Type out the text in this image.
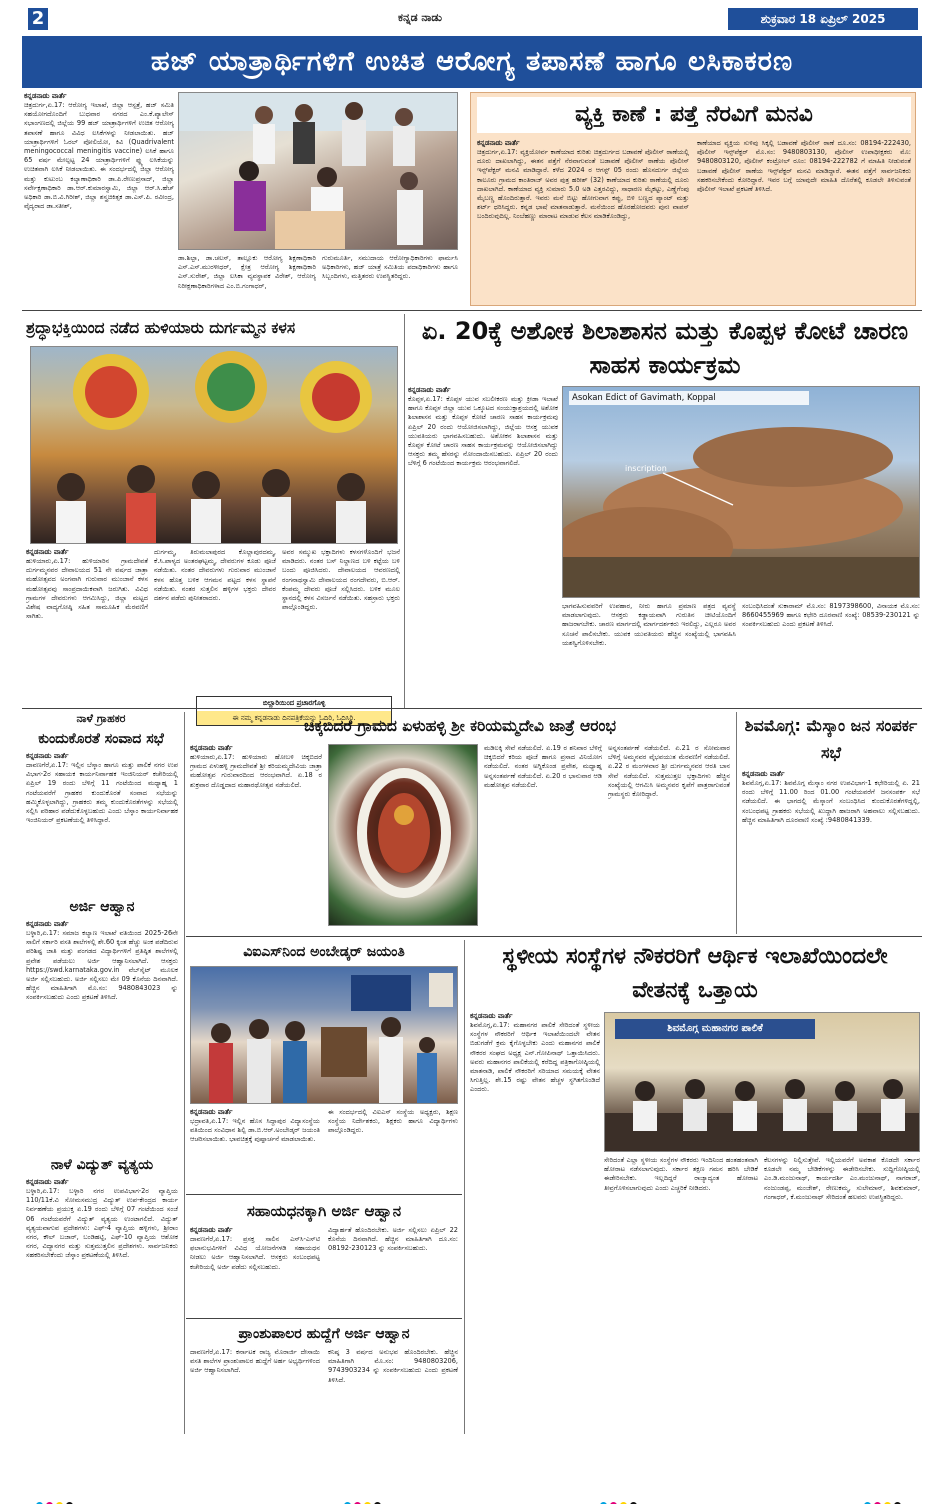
2	ಕನ್ನಡ ನಾಡು	ಶುಕ್ರವಾರ 18 ಏಪ್ರಿಲ್ 2025
ಹಜ್ ಯಾತ್ರಾರ್ಥಿಗಳಿಗೆ ಉಚಿತ ಆರೋಗ್ಯ ತಪಾಸಣೆ ಹಾಗೂ ಲಸಿಕಾಕರಣ
ಕನ್ನಡನಾಡು ವಾರ್ತೆ
ಚಿತ್ರದುರ್ಗ,ಏ.17: ಆರೋಗ್ಯ ಇಲಾಖೆ, ಜಿಲ್ಲಾ ಆಸ್ಪತ್ರೆ, ಹಜ್ ಸಮಿತಿ ಸಹಯೋಗದೊಂದಿಗೆ ಬುಧವಾರ ನಗರದ ಎಂ.ಕೆ.ಪ್ಯಾಲೇಸ್ ಸಭಾಂಗಣದಲ್ಲಿ ಜಿಲ್ಲೆಯ 99 ಹಜ್ ಯಾತ್ರಾರ್ಥಿಗಳಿಗೆ ಉಚಿತ ಆರೋಗ್ಯ ತಪಾಸಣೆ ಹಾಗೂ ವಿವಿಧ ಲಸಿಕೆಗಳನ್ನು ನೀಡಲಾಯಿತು. ಹಜ್ ಯಾತ್ರಾರ್ಥಿಗಳಿಗೆ ಓರಲ್ ಪೋಲಿಯೋ, ಕಿವಿ (Quadrivalent meningococcal meningitis vaccine) ಲಸಿಕೆ ಹಾಗೂ 65 ವರ್ಷ ಮೇಲ್ಪಟ್ಟ 24 ಯಾತ್ರಾರ್ಥಿಗಳಿಗೆ ಫ್ಲ್ಯು ಲಸಿಕೆಯನ್ನು ಉಚಿತವಾಗಿ ಲಸಿಕೆ ನೀಡಲಾಯಿತು. ಈ ಸಂದರ್ಭದಲ್ಲಿ ಜಿಲ್ಲಾ ಆರೋಗ್ಯ ಮತ್ತು ಕುಟುಂಬ ಕಲ್ಯಾಣಾಧಿಕಾರಿ ಡಾ.ಪಿ.ರೇಣುಪ್ರಸಾದ್, ಜಿಲ್ಲಾ ಸರ್ವೇಕ್ಷಣಾಧಿಕಾರಿ ಡಾ.ಆರ್.ಕುಮಾರಸ್ವಾಮಿ, ಜಿಲ್ಲಾ ಆರ್.ಸಿ.ಹೆಚ್ ಅಧಿಕಾರಿ ಡಾ.ಬಿ.ವಿ.ಗಿರೀಶ್, ಜಿಲ್ಲಾ ಶಸ್ತ್ರಚಿಕಿತ್ಸಕ ಡಾ.ಎಸ್.ಪಿ. ರವೀಂದ್ರ, ವೈದ್ಯರಾದ ಡಾ.ಸತೀಶ್,
ಡಾ.ಶಿಲ್ಪಾ, ಡಾ.ಚಲಸ್, ತಾಲ್ಲೂಕು ಆರೋಗ್ಯ ಶಿಕ್ಷಣಾಧಿಕಾರಿ ಎಸ್.ಎಸ್.ಮುರಳೀಧರ್, ಕ್ಷೇತ್ರ ಆರೋಗ್ಯ ಶಿಕ್ಷಣಾಧಿಕಾರಿ ಎಸ್.ಸುರೇಶ್, ಜಿಲ್ಲಾ ಲಸಿಕಾ ವ್ಯವಸ್ಥಾಪಕ ವಿರೇಶ್, ಆರೋಗ್ಯ ನಿರೀಕ್ಷಣಾಧಿಕಾರಿಗಳಾದ ಎಂ.ಬಿ.ಗಂಗಾಧರ್,
ಗುರುಮೂರ್ತಿ, ಸಮುದಾಯ ಆರೋಗ್ಯಾಧಿಕಾರಿಗಳು ಫಾರ್ಮಸಿ ಅಧಿಕಾರಿಗಳು, ಹಜ್ ಯಾತ್ರೆ ಸಮಿತಿಯ ಪದಾಧಿಕಾರಿಗಳು ಹಾಗೂ ಸಿಬ್ಬಂದಿಗಳು, ಮತ್ತಿತರರು ಉಪಸ್ಥಿತರಿದ್ದರು.
ವ್ಯಕ್ತಿ ಕಾಣೆ : ಪತ್ತೆ ನೆರವಿಗೆ ಮನವಿ
ಕನ್ನಡನಾಡು ವಾರ್ತೆ
ಚಿತ್ರದುರ್ಗ,ಏ.17: ವ್ಯಕ್ತಿಯೋರ್ವ ಕಾಣೆಯಾದ ಕುರಿತು ಚಿತ್ರದುರ್ಗದ ಬಡಾವಣೆ ಪೊಲೀಸ್ ಠಾಣೆಯಲ್ಲಿ ದೂರು ದಾಖಲಾಗಿದ್ದು, ಈತನ ಪತ್ತೆಗೆ ನೆರವಾಗುವಂತೆ ಬಡಾವಣೆ ಪೊಲೀಸ್ ಠಾಣೆಯ ಪೊಲೀಸ್ ಇನ್ಸ್‌ಪೆಕ್ಟರ್ ಮನವಿ ಮಾಡಿದ್ದಾರೆ. ಕಳೆದ 2024 ರ ಆಗಸ್ಟ್ 05 ರಂದು ಹೊಸದುರ್ಗ ಜಿಲ್ಲೆಯ ಕಾಲೂರು ಗ್ರಾಮದ ಕಾಂತಿರಾಜ್ ಅವರ ಪುತ್ರ ಹರೀಶ್ (32) ಕಾಣೆಯಾದ ಕುರಿತು ಠಾಣೆಯಲ್ಲಿ ದೂರು ದಾಖಲಾಗಿದೆ. ಕಾಣೆಯಾದ ವ್ಯಕ್ತಿ ಸುಮಾರು 5.0 ಅಡಿ ಎತ್ತರವಿದ್ದು, ಸಾಧಾರಣ ಮೈಕಟ್ಟು, ಎಣ್ಣೆಗೆಂಪು ಮೈಬಣ್ಣ ಹೊಂದಿರುತ್ತಾರೆ. ಇವರು ಮನೆ ಬಿಟ್ಟು ಹೋಗುವಾಗ ಕಪ್ಪು, ಬಿಳಿ ಬಣ್ಣದ ಪ್ಯಾಂಟ್ ಮತ್ತು ಶರ್ಟ್ ಧರಿಸಿದ್ದರು. ಕನ್ನಡ ಭಾಷೆ ಮಾತನಾಡುತ್ತಾರೆ. ಮನೆಯಿಂದ ಹೊರಹೋದವರು ಪುನಃ ವಾಪಸ್ ಬಂದಿರುವುದಿಲ್ಲ. ನಿಂಬೆಹಣ್ಣು ಮಾರಾಟ ಮಾಡುವ ಕೆಲಸ ಮಾಡಿಕೊಂಡಿದ್ದು,
ಕಾಣೆಯಾದ ವ್ಯಕ್ತಿಯ ಸುಳಿವು ಸಿಕ್ಕಲ್ಲಿ ಬಡಾವಣೆ ಪೊಲೀಸ್ ಠಾಣೆ ದೂ.ಸಂ: 08194-222430, ಪೊಲೀಸ್ ಇನ್ಸ್‌ಪೆಕ್ಟರ್ ಮೊ.ಸಂ: 9480803130, ಪೊಲೀಸ್ ಉಪಾಧೀಕ್ಷಕರು ಮೊ: 9480803120, ಪೊಲೀಸ್ ಕಂಟ್ರೋಲ್ ರೂಂ: 08194-222782 ಗೆ ಮಾಹಿತಿ ನೀಡುವಂತೆ ಬಡಾವಣೆ ಪೊಲೀಸ್ ಠಾಣೆಯ ಇನ್ಸ್‌ಪೆಕ್ಟರ್ ಮನವಿ ಮಾಡಿದ್ದಾರೆ. ಈತನ ಪತ್ತೆಗೆ ಸಾರ್ವಜನಿಕರು ಸಹಕರಿಸಬೇಕೆಂದು ಕೋರಿದ್ದಾರೆ. ಇವರ ಬಗ್ಗೆ ಯಾವುದೇ ಮಾಹಿತಿ ದೊರೆತಲ್ಲಿ ಕೂಡಲೇ ತಿಳಿಸುವಂತೆ ಪೊಲೀಸ್ ಇಲಾಖೆ ಪ್ರಕಟಣೆ ತಿಳಿಸಿದೆ.
ಶ್ರದ್ಧಾಭಕ್ತಿಯಿಂದ ನಡೆದ ಹುಳಿಯಾರು ದುರ್ಗಮ್ಮನ ಕಳಸ
ಕನ್ನಡನಾಡು ವಾರ್ತೆ
ಹುಳಿಯಾರು,ಏ.17: ಹುಳಿಯಾರಿನ ಗ್ರಾಮದೇವತೆ ದುರ್ಗಮ್ಮನವರ ದೇವಾಲಯದ 51 ನೇ ವರ್ಷದ ಜಾತ್ರಾ ಮಹೋತ್ಸವದ ಅಂಗವಾಗಿ ಗುರುವಾರ ಮುಂಜಾನೆ ಕಳಸ ಮಹೋತ್ಸವವು ಸಾಂಪ್ರದಾಯಿಕವಾಗಿ ಜರುಗಿತು. ವಿವಿಧ ಗ್ರಾಮಗಳ ದೇವರುಗಳು ಆಗಮಿಸಿದ್ದು, ಜಿಲ್ಲಾ ಮಟ್ಟದ ವಿಶೇಷ ವಾದ್ಯಗೋಷ್ಠಿ ಸಹಿತ ಸಾಮೂಹಿಕ ಮೆರವಣಿಗೆ ಸಾಗಿತು.
ದುರ್ಗಮ್ಮ, ತಿರುಮಲಾಪುರದ ಕೊಲ್ಲಾಪುರದಮ್ಮ, ಕೆ.ಸಿ.ಪಾಳ್ಯದ ಅಂತರಘಟ್ಟಮ್ಮ, ದೇವರುಗಳ ಕೂಡು ಪೂಜೆ ನಡೆಯಿತು. ನಂತರ ದೇವರುಗಳು ಗುರುವಾರ ಮುಂಜಾನೆ ಕಳಸ ಹೊತ್ತ ಬಳಿಕ ಆಗಮನ ಪಟ್ಟದ ಕಳಸ ಸ್ಥಾಪನೆ ನಡೆಯಿತು. ನಂತರ ಸುತ್ತಲಿನ ಹಳ್ಳಿಗಳ ಭಕ್ತರು ದೇವರ ದರ್ಶನ ಪಡೆದು ಪುನೀತರಾದರು.
ಅವರ ಸಮ್ಮುಖ ಭಕ್ತಾದಿಗಳು ಕಳಸಗಳೊಂದಿಗೆ ಭಜನೆ ಮಾಡಿದರು. ನಂತರ ಬಸ್ ನಿಲ್ದಾಣದ ಬಳಿ ಕಟ್ಟೆಯ ಬಳಿ ಬಂದು ಪೂಜಿಸಿದರು. ದೇವಾಲಯದ ಆವರಣದಲ್ಲಿ ರಂಗನಾಥಸ್ವಾಮಿ ದೇವಾಲಯದ ರಂಗದೇವರು, ಬಿ.ಆರ್. ಕೆಂಪಮ್ಮ ದೇವರು ಪೂಜೆ ಸಲ್ಲಿಸಿದರು. ಬಳಿಕ ಮೂಲ ಸ್ಥಾನದಲ್ಲಿ ಕಳಸ ವಿಸರ್ಜನೆ ನಡೆಯಿತು. ಸಹಸ್ರಾರು ಭಕ್ತರು ಪಾಲ್ಗೊಂಡಿದ್ದರು.
ಏ. 20ಕ್ಕೆ ಅಶೋಕ ಶಿಲಾಶಾಸನ ಮತ್ತು ಕೊಪ್ಪಳ ಕೋಟೆ ಚಾರಣ ಸಾಹಸ ಕಾರ್ಯಕ್ರಮ
ಕನ್ನಡನಾಡು ವಾರ್ತೆ
ಕೊಪ್ಪಳ,ಏ.17: ಕೊಪ್ಪಳ ಯುವ ಸಬಲೀಕರಣ ಮತ್ತು ಕ್ರೀಡಾ ಇಲಾಖೆ ಹಾಗೂ ಕೊಪ್ಪಳ ಜಿಲ್ಲಾ ಯುವ ಒಕ್ಕೂಟದ ಸಂಯುಕ್ತಾಶ್ರಯದಲ್ಲಿ ಅಶೋಕ ಶಿಲಾಶಾಸನ ಮತ್ತು ಕೊಪ್ಪಳ ಕೋಟೆ ಚಾರಣ ಸಾಹಸ ಕಾರ್ಯಕ್ರಮವು ಏಪ್ರಿಲ್ 20 ರಂದು ಆಯೋಜಿಸಲಾಗಿದ್ದು, ಜಿಲ್ಲೆಯ ಆಸಕ್ತ ಯುವಕ ಯುವತಿಯರು ಭಾಗವಹಿಸಬಹುದು. ಅಶೋಕನ ಶಿಲಾಶಾಸನ ಮತ್ತು ಕೊಪ್ಪಳ ಕೋಟೆ ಚಾರಣ ಸಾಹಸ ಕಾರ್ಯಕ್ರಮವನ್ನು ಆಯೋಜಿಸಲಾಗಿದ್ದು ಆಸಕ್ತರು ತಮ್ಮ ಹೆಸರನ್ನು ನೋಂದಾಯಿಸಬಹುದು. ಏಪ್ರಿಲ್ 20 ರಂದು ಬೆಳಿಗ್ಗೆ 6 ಗಂಟೆಯಿಂದ ಕಾರ್ಯಕ್ರಮ ಆರಂಭವಾಗಲಿದೆ.
Asokan Edict of Gavimath, Koppal
inscription
ಭಾಗವಹಿಸುವವರಿಗೆ ಉಪಹಾರ, ನೀರು ಹಾಗೂ ಪ್ರಮಾಣ ಪತ್ರದ ವ್ಯವಸ್ಥೆ ಮಾಡಲಾಗುವುದು. ಆಸಕ್ತರು ಕಡ್ಡಾಯವಾಗಿ ಗುರುತಿನ ಚೀಟಿಯೊಂದಿಗೆ ಹಾಜರಾಗಬೇಕು. ಚಾರಣ ಮಾರ್ಗದಲ್ಲಿ ಮಾರ್ಗದರ್ಶಕರು ಇರಲಿದ್ದು, ಎಲ್ಲರೂ ಅವರ ಸೂಚನೆ ಪಾಲಿಸಬೇಕು. ಯುವಕ ಯುವತಿಯರು ಹೆಚ್ಚಿನ ಸಂಖ್ಯೆಯಲ್ಲಿ ಭಾಗವಹಿಸಿ ಯಶಸ್ವಿಗೊಳಿಸಬೇಕು.
ಸಂಬಂಧಿಸಿದಂತೆ ಸುಕಾರಾಮ್ ಮೊ.ಸಂ: 8197398600, ವಿನಾಯಕ ಮೊ.ಸಂ: 8660455969 ಹಾಗೂ ಕಛೇರಿ ದೂರವಾಣಿ ಸಂಖ್ಯೆ: 08539-230121 ನ್ನು ಸಂಪರ್ಕಿಸಬಹುದು ಎಂದು ಪ್ರಕಟಣೆ ತಿಳಿಸಿದೆ.
ಬಿಲ್ಲಾರಿಯಿಂದ ಪ್ರಚಾರಗೊಳ್ಳಿ
ಈ ನಮ್ಮ ಕನ್ನಡನಾಡು ದಿನಪತ್ರಿಕೆಯನ್ನು ಓದಿರಿ, ಓದಿಸಿರಿ.
ನಾಳೆ ಗ್ರಾಹಕರ
ಕುಂದುಕೊರತೆ ಸಂವಾದ ಸಭೆ
ಕನ್ನಡನಾಡು ವಾರ್ತೆ
ದಾವಣಗೆರೆ,ಏ.17: ಇಲ್ಲಿನ ಬೆಸ್ಕಾಂ ಹಾಗೂ ಮತ್ತು ಪಾಲಿಕೆ ನಗರ ಉಪ ವಿಭಾಗ-2ರ ಸಹಾಯಕ ಕಾರ್ಯನಿರ್ವಾಹಕ ಇಂಜಿನಿಯರ್ ಕಚೇರಿಯಲ್ಲಿ ಏಪ್ರಿಲ್ 19 ರಂದು ಬೆಳಿಗ್ಗೆ 11 ಗಂಟೆಯಿಂದ ಮಧ್ಯಾಹ್ನ 1 ಗಂಟೆಯವರೆಗೆ ಗ್ರಾಹಕರ ಕುಂದುಕೊರತೆ ಸಂವಾದ ಸಭೆಯನ್ನು ಹಮ್ಮಿಕೊಳ್ಳಲಾಗಿದ್ದು, ಗ್ರಾಹಕರು ತಮ್ಮ ಕುಂದುಕೊರತೆಗಳನ್ನು ಸಭೆಯಲ್ಲಿ ಸಲ್ಲಿಸಿ ಪರಿಹಾರ ಪಡೆದುಕೊಳ್ಳಬಹುದು ಎಂದು ಬೆಸ್ಕಾಂ ಕಾರ್ಯನಿರ್ವಾಹಕ ಇಂಜಿನಿಯರ್ ಪ್ರಕಟಣೆಯಲ್ಲಿ ತಿಳಿಸಿದ್ದಾರೆ.
ಅರ್ಜಿ ಆಹ್ವಾನ
ಕನ್ನಡನಾಡು ವಾರ್ತೆ
ಬಳ್ಳಾರಿ,ಏ.17: ಸಮಾಜ ಕಲ್ಯಾಣ ಇಲಾಖೆ ವತಿಯಿಂದ 2025-26ನೇ ಸಾಲಿಗೆ ಸರ್ಕಾರಿ ವಸತಿ ಶಾಲೆಗಳಲ್ಲಿ ಶೇ.60 ಕ್ಕಿಂತ ಹೆಚ್ಚು ಅಂಕ ಪಡೆದಿರುವ ಪರಿಶಿಷ್ಟ ಜಾತಿ ಮತ್ತು ಪಂಗಡದ ವಿದ್ಯಾರ್ಥಿಗಳಿಗೆ ಪ್ರತಿಷ್ಠಿತ ಶಾಲೆಗಳಲ್ಲಿ ಪ್ರವೇಶ ಪಡೆಯಲು ಅರ್ಜಿ ಆಹ್ವಾನಿಸಲಾಗಿದೆ. ಆಸಕ್ತರು https://swd.karnataka.gov.in ವೆಬ್‌ಸೈಟ್ ಮೂಲಕ ಅರ್ಜಿ ಸಲ್ಲಿಸಬಹುದು. ಅರ್ಜಿ ಸಲ್ಲಿಸಲು ಮೇ 09 ಕೊನೆಯ ದಿನವಾಗಿದೆ. ಹೆಚ್ಚಿನ ಮಾಹಿತಿಗಾಗಿ ಮೊ.ಸಂ: 9480843023 ನ್ನು ಸಂಪರ್ಕಿಸಬಹುದು ಎಂದು ಪ್ರಕಟಣೆ ತಿಳಿಸಿದೆ.
ನಾಳೆ ವಿದ್ಯುತ್ ವ್ಯತ್ಯಯ
ಕನ್ನಡನಾಡು ವಾರ್ತೆ
ಬಳ್ಳಾರಿ,ಏ.17: ಬಳ್ಳಾರಿ ನಗರ ಉಪವಿಭಾಗ-2ರ ವ್ಯಾಪ್ತಿಯ 110/11ಕೆ.ವಿ ಸೋಮಸಮುದ್ರ ವಿದ್ಯುತ್ ಉಪ-ಕೇಂದ್ರದ ಕಾರ್ಯ ನಿರ್ವಹಣೆಯ ಪ್ರಯುಕ್ತ ಏ.19 ರಂದು ಬೆಳಿಗ್ಗೆ 07 ಗಂಟೆಯಿಂದ ಸಂಜೆ 06 ಗಂಟೆಯವರೆಗೆ ವಿದ್ಯುತ್ ವ್ಯತ್ಯಯ ಉಂಟಾಗಲಿದೆ. ವಿದ್ಯುತ್ ವ್ಯತ್ಯಯವಾಗುವ ಪ್ರದೇಶಗಳು: ಎಫ್-4 ವ್ಯಾಪ್ತಿಯ ಹಳ್ಳಿಗಳು, ಶ್ರೀರಾಂ ನಗರ, ಕೌಲ್ ಬಜಾರ್, ಬಂಡಿಹಟ್ಟಿ, ಎಫ್-10 ವ್ಯಾಪ್ತಿಯ ಆಶೋಕ ನಗರ, ವಿದ್ಯಾನಗರ ಮತ್ತು ಸುತ್ತಮುತ್ತಲಿನ ಪ್ರದೇಶಗಳು. ಸಾರ್ವಜನಿಕರು ಸಹಕರಿಸಬೇಕೆಂದು ಜೆಸ್ಕಾಂ ಪ್ರಕಟಣೆಯಲ್ಲಿ ತಿಳಿಸಿದೆ.
ಚಿಕ್ಕಬಿದರೆ ಗ್ರಾಮದ ಏಳುಹಳ್ಳಿ ಶ್ರೀ ಕರಿಯಮ್ಮದೇವಿ ಜಾತ್ರೆ ಆರಂಭ
ಕನ್ನಡನಾಡು ವಾರ್ತೆ
ಹುಳಿಯಾರು,ಏ.17: ಹುಳಿಯಾರು ಹೋಬಳಿ ಚಿಕ್ಕಬಿದರೆ ಗ್ರಾಮದ ಏಳುಹಳ್ಳಿ ಗ್ರಾಮದೇವತೆ ಶ್ರೀ ಕರಿಯಮ್ಮದೇವಿಯ ಜಾತ್ರಾ ಮಹೋತ್ಸವ ಗುರುವಾರದಿಂದ ಆರಂಭವಾಗಿದೆ. ಏ.18 ರ ಶುಕ್ರವಾರ ದೊಡ್ಡದಾದ ಮಹಾರಥೋತ್ಸವ ನಡೆಯಲಿದೆ.
ಮಡಿಲಕ್ಕಿ ಸೇವೆ ನಡೆಯಲಿದೆ. ಏ.19 ರ ಶನಿವಾರ ಬೆಳಿಗ್ಗೆ ಚಿಕ್ಕಬಿದರೆ ಕರಿಯ ಪೂಜೆ ಹಾಗೂ ಪ್ರಸಾದ ವಿನಿಯೋಗ ನಡೆಯಲಿದೆ. ನಂತರ ಅಗ್ನಿಕೊಂಡ ಪ್ರವೇಶ, ಮಧ್ಯಾಹ್ನ ಅನ್ನಸಂತರ್ಪಣೆ ನಡೆಯಲಿದೆ. ಏ.20 ರ ಭಾನುವಾರ ಆಡಿ ಮಹೋತ್ಸವ ನಡೆಯಲಿದೆ.
ಅನ್ನಸಂತರ್ಪಣೆ ನಡೆಯಲಿದೆ. ಏ.21 ರ ಸೋಮವಾರ ಬೆಳಿಗ್ಗೆ ಅಮ್ಮನವರ ವೈಭವಯುತ ಮೆರವಣಿಗೆ ನಡೆಯಲಿದೆ. ಏ.22 ರ ಮಂಗಳವಾರ ಶ್ರೀ ದುರ್ಗಮ್ಮನವರ ಆರತಿ ಬಾನ ಸೇವೆ ನಡೆಯಲಿದೆ. ಸುತ್ತಮುತ್ತಲ ಭಕ್ತಾದಿಗಳು ಹೆಚ್ಚಿನ ಸಂಖ್ಯೆಯಲ್ಲಿ ಆಗಮಿಸಿ ಅಮ್ಮನವರ ಕೃಪೆಗೆ ಪಾತ್ರರಾಗುವಂತೆ ಗ್ರಾಮಸ್ಥರು ಕೋರಿದ್ದಾರೆ.
ಶಿವಮೊಗ್ಗ: ಮೆಸ್ಕಾಂ ಜನ ಸಂಪರ್ಕ ಸಭೆ
ಕನ್ನಡನಾಡು ವಾರ್ತೆ
ಶಿವಮೊಗ್ಗ,ಏ.17: ಶಿವಮೊಗ್ಗ ಮೆಸ್ಕಾಂ ನಗರ ಉಪವಿಭಾಗ-1 ಕಛೇರಿಯಲ್ಲಿ ಏ. 21 ರಂದು ಬೆಳಿಗ್ಗೆ 11.00 ರಿಂದ 01.00 ಗಂಟೆಯವರೆಗೆ ಜನಸಂಪರ್ಕ ಸಭೆ ನಡೆಯಲಿದೆ. ಈ ಭಾಗದಲ್ಲಿ ಮೆಸ್ಕಾಂಗೆ ಸಂಬಂಧಿಸಿದ ಕುಂದುಕೊರತೆಗಳಿದ್ದಲ್ಲಿ, ಸಂಬಂಧಪಟ್ಟ ಗ್ರಾಹಕರು ಸಭೆಯಲ್ಲಿ ಖುದ್ದಾಗಿ ಹಾಜರಾಗಿ ಅಹವಾಲು ಸಲ್ಲಿಸಬಹುದು. ಹೆಚ್ಚಿನ ಮಾಹಿತಿಗಾಗಿ ದೂರವಾಣಿ ಸಂಖ್ಯೆ :9480841339.
ವಿಐಎಸ್‌ನಿಂದ ಅಂಬೇಡ್ಕರ್ ಜಯಂತಿ
ಕನ್ನಡನಾಡು ವಾರ್ತೆ
ಭದ್ರಾವತಿ,ಏ.17: ಇಲ್ಲಿನ ಹೊಸ ಸಿದ್ದಾಪುರ ವಿದ್ಯಾಸಂಸ್ಥೆಯ ವತಿಯಿಂದ ಸಂವಿಧಾನ ಶಿಲ್ಪಿ ಡಾ.ಬಿ.ಆರ್.ಅಂಬೇಡ್ಕರ್ ಜಯಂತಿ ಆಚರಿಸಲಾಯಿತು. ಭಾವಚಿತ್ರಕ್ಕೆ ಪುಷ್ಪಾರ್ಚನೆ ಮಾಡಲಾಯಿತು.
ಈ ಸಂದರ್ಭದಲ್ಲಿ ವಿಐಎಸ್ ಸಂಸ್ಥೆಯ ಅಧ್ಯಕ್ಷರು, ಶಿಕ್ಷಣ ಸಂಸ್ಥೆಯ ನಿರ್ದೇಶಕರು, ಶಿಕ್ಷಕರು ಹಾಗೂ ವಿದ್ಯಾರ್ಥಿಗಳು ಪಾಲ್ಗೊಂಡಿದ್ದರು.
ಸಹಾಯಧನಕ್ಕಾಗಿ ಅರ್ಜಿ ಆಹ್ವಾನ
ಕನ್ನಡನಾಡು ವಾರ್ತೆ
ದಾವಣಗೆರೆ,ಏ.17: ಪ್ರಸಕ್ತ ಸಾಲಿನ ಎಸ್‌ಸಿ-ಎಸ್‌ಟಿ ಫಲಾನುಭವಿಗಳಿಗೆ ವಿವಿಧ ಯೋಜನೆಗಳಡಿ ಸಹಾಯಧನ ನೀಡಲು ಅರ್ಜಿ ಆಹ್ವಾನಿಸಲಾಗಿದೆ. ಆಸಕ್ತರು ಸಂಬಂಧಪಟ್ಟ ಕಚೇರಿಯಲ್ಲಿ ಅರ್ಜಿ ಪಡೆದು ಸಲ್ಲಿಸಬಹುದು.
ವಿದ್ಯಾರ್ಹತೆ ಹೊಂದಿರಬೇಕು. ಅರ್ಜಿ ಸಲ್ಲಿಸಲು ಏಪ್ರಿಲ್ 22 ಕೊನೆಯ ದಿನವಾಗಿದೆ. ಹೆಚ್ಚಿನ ಮಾಹಿತಿಗಾಗಿ ದೂ.ಸಂ: 08192-230123 ನ್ನು ಸಂಪರ್ಕಿಸಬಹುದು.
ಪ್ರಾಂಶುಪಾಲರ ಹುದ್ದೆಗೆ ಅರ್ಜಿ ಆಹ್ವಾನ
ದಾವಣಗೆರೆ,ಏ.17: ಕರ್ನಾಟಕ ರಾಜ್ಯ ಮೊರಾರ್ಜಿ ದೇಸಾಯಿ ವಸತಿ ಶಾಲೆಗಳ ಪ್ರಾಂಶುಪಾಲರ ಹುದ್ದೆಗೆ ಅರ್ಹ ಅಭ್ಯರ್ಥಿಗಳಿಂದ ಅರ್ಜಿ ಆಹ್ವಾನಿಸಲಾಗಿದೆ.
ಕನಿಷ್ಠ 3 ವರ್ಷದ ಅನುಭವ ಹೊಂದಿರಬೇಕು. ಹೆಚ್ಚಿನ ಮಾಹಿತಿಗಾಗಿ ಮೊ.ಸಂ: 9480803206, 9743903234 ನ್ನು ಸಂಪರ್ಕಿಸಬಹುದು ಎಂದು ಪ್ರಕಟಣೆ ತಿಳಿಸಿದೆ.
ಸ್ಥಳೀಯ ಸಂಸ್ಥೆಗಳ ನೌಕರರಿಗೆ ಆರ್ಥಿಕ ಇಲಾಖೆಯಿಂದಲೇ ವೇತನಕ್ಕೆ ಒತ್ತಾಯ
ಕನ್ನಡನಾಡು ವಾರ್ತೆ
ಶಿವಮೊಗ್ಗ,ಏ.17: ಮಹಾನಗರ ಪಾಲಿಕೆ ಸೇರಿದಂತೆ ಸ್ಥಳೀಯ ಸಂಸ್ಥೆಗಳ ನೌಕರರಿಗೆ ಆರ್ಥಿಕ ಇಲಾಖೆಯಿಂದಲೇ ವೇತನ ಬಿಡುಗಡೆಗೆ ಕ್ರಮ ಕೈಗೊಳ್ಳಬೇಕು ಎಂದು ಮಹಾನಗರ ಪಾಲಿಕೆ ನೌಕರರ ಸಂಘದ ಅಧ್ಯಕ್ಷ ಎನ್.ಗೋಪಿನಾಥ್ ಒತ್ತಾಯಿಸಿದರು. ಅವರು ಮಹಾನಗರ ಪಾಲಿಕೆಯಲ್ಲಿ ಕರೆದಿದ್ದ ಪತ್ರಿಕಾಗೋಷ್ಠಿಯಲ್ಲಿ ಮಾತನಾಡಿ, ಪಾಲಿಕೆ ನೌಕರರಿಗೆ ಸರಿಯಾದ ಸಮಯಕ್ಕೆ ವೇತನ ಸಿಗುತ್ತಿಲ್ಲ. ಶೇ.15 ರಷ್ಟು ವೇತನ ಹೆಚ್ಚಳ ಸ್ಥಗಿತಗೊಂಡಿದೆ ಎಂದರು.
ಶಿವಮೊಗ್ಗ ಮಹಾನಗರ ಪಾಲಿಕೆ
ಸೇರಿದಂತೆ ಎಲ್ಲಾ ಸ್ಥಳೀಯ ಸಂಸ್ಥೆಗಳ ನೌಕರರು ಇಂದಿನಿಂದ ಹಂತಹಂತವಾಗಿ ಹೋರಾಟ ನಡೆಸಲಾಗುವುದು. ಸರ್ಕಾರ ತಕ್ಷಣ ಗಮನ ಹರಿಸಿ ಬೇಡಿಕೆ ಈಡೇರಿಸಬೇಕು. ಇಲ್ಲದಿದ್ದರೆ ರಾಜ್ಯಾದ್ಯಂತ ಹೋರಾಟ ತೀವ್ರಗೊಳಿಸಲಾಗುವುದು ಎಂದು ಎಚ್ಚರಿಕೆ ನೀಡಿದರು.
ಕೆಲಸಗಳನ್ನು ನಿಲ್ಲಿಸುತ್ತೇವೆ. ಇಲ್ಲಿಯವರೆಗೆ ಅವಕಾಶ ಕೊಡದೇ ಸರ್ಕಾರ ಕೂಡಲೇ ನಮ್ಮ ಬೇಡಿಕೆಗಳನ್ನು ಈಡೇರಿಸಬೇಕು. ಸುದ್ದಿಗೋಷ್ಠಿಯಲ್ಲಿ ಎಂ.ಡಿ.ಮಂಜುನಾಥ್, ಕಾರ್ಯದರ್ಶಿ ಎಂ.ಮಂಜುನಾಥ್, ನಾಗರಾಜ್, ನಂಜುಂಡಪ್ಪ, ಮಂಜೇಶ್, ರೇಣುಕಮ್ಮ, ಸುಲೇಮಾನ್, ಶಿವಕುಮಾರ್, ಗಂಗಾಧರ್, ಕೆ.ಮಂಜುನಾಥ್ ಸೇರಿದಂತೆ ಹಲವರು ಉಪಸ್ಥಿತರಿದ್ದರು.
